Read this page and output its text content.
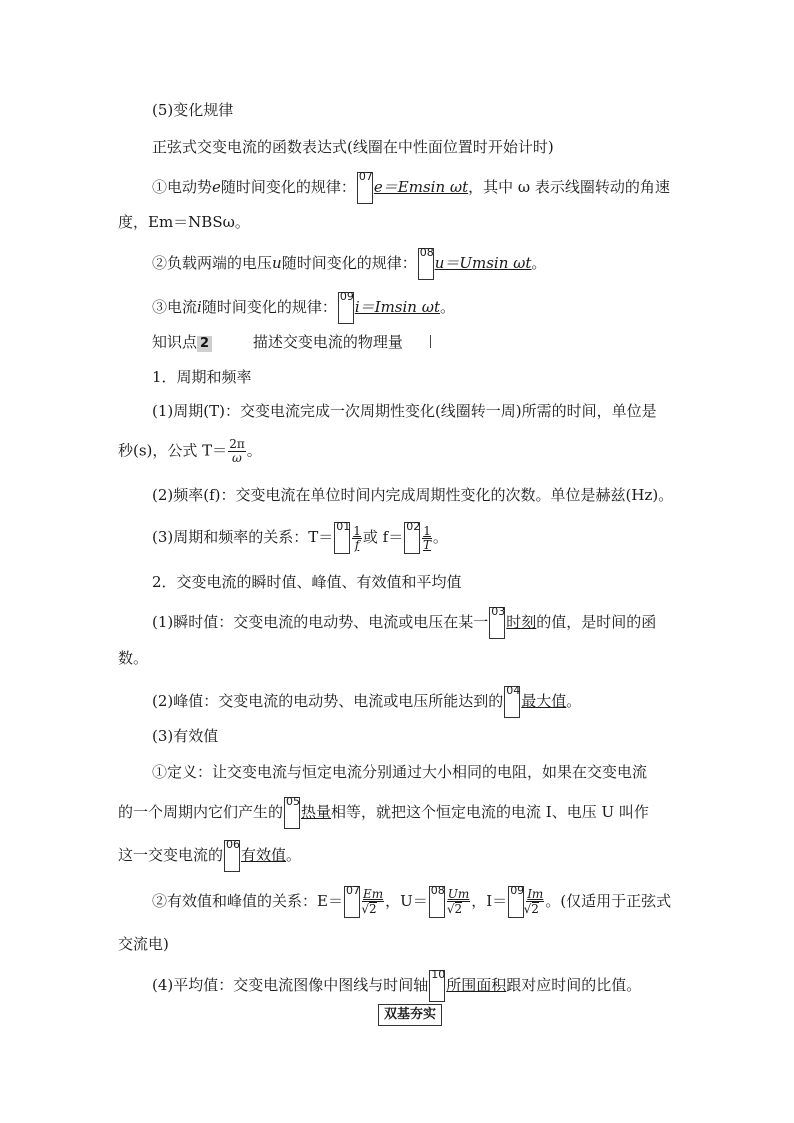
(5)变化规律
正弦式交变电流的函数表达式(线圈在中性面位置时开始计时)
①电动势e随时间变化的规律：
07
e＝Emsin ωt，其中 ω 表示线圈转动的角速
度，Em＝NBSω。
②负载两端的电压u随时间变化的规律：
08
u＝Umsin ωt。
③电流i随时间变化的规律：
09
i＝Imsin ωt。
知识点 2	描述交变电流的物理量
1．周期和频率
(1)周期(T)：交变电流完成一次周期性变化(线圈转一周)所需的时间，单位是
秒(s)，公式 $T= \frac{2\pi}{\omega}$ 。
(2)频率(f)：交变电流在单位时间内完成周期性变化的次数。单位是赫兹(Hz)。
(3)周期和频率的关系：T＝
$01 \frac{1}{f}$ 或 f＝
$02 \frac{1}{T}$ 。
2．交变电流的瞬时值、峰值、有效值和平均值
(1)瞬时值：交变电流的电动势、电流或电压在某一
03
时刻的值，是时间的函
数。
(2)峰值：交变电流的电动势、电流或电压所能达到的
04
最大值。
(3)有效值
①定义：让交变电流与恒定电流分别通过大小相同的电阻，如果在交变电流
的一个周期内它们产生的
05
热量相等，就把这个恒定电流的电流 I、电压 U 叫作
这一交变电流的
06
有效值。
②有效值和峰值的关系：E＝
07 Em
√ 2 ，U＝
08 Um
√ 2 ，I＝
09 Im
√ 2 。(仅适用于正弦式
交流电)
(4)平均值：交变电流图像中图线与时间轴
10
所围面积跟对应时间的比值。
双基夯实
